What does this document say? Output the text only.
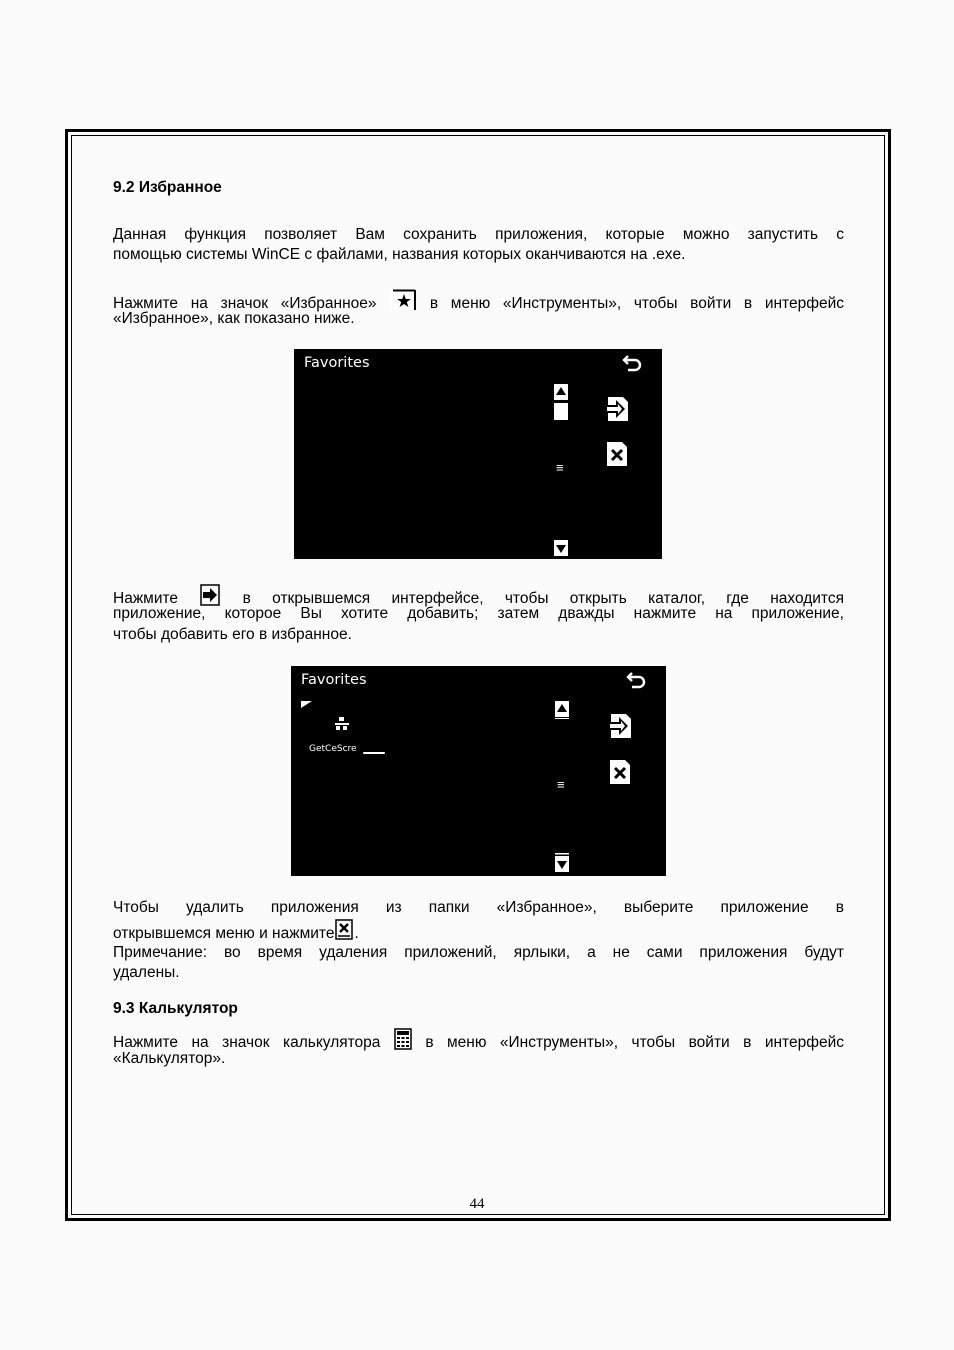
9.2 Избранное

Данная функция позволяет Вам сохранить приложения, которые можно запустить с

помощью системы WinCE с файлами, названия которых оканчиваются на .exe.

Нажмите на значок «Избранное»	в меню «Инструменты», чтобы войти в интерфейс

«Избранное», как показано ниже.

Favorites
≡
Нажмите	в открывшемся интерфейсе, чтобы открыть каталог, где находится

приложение, которое Вы хотите добавить; затем дважды нажмите на приложение,

чтобы добавить его в избранное.

Favorites
GetCeScre
≡

Чтобы удалить приложения из папки «Избранное», выберите приложение в

открывшемся меню и нажмите .

Примечание: во время удаления приложений, ярлыки, а не сами приложения будут

удалены.

9.3 Калькулятор

Нажмите на значок калькулятора	в меню «Инструменты», чтобы войти в интерфейс

«Калькулятор».

44
